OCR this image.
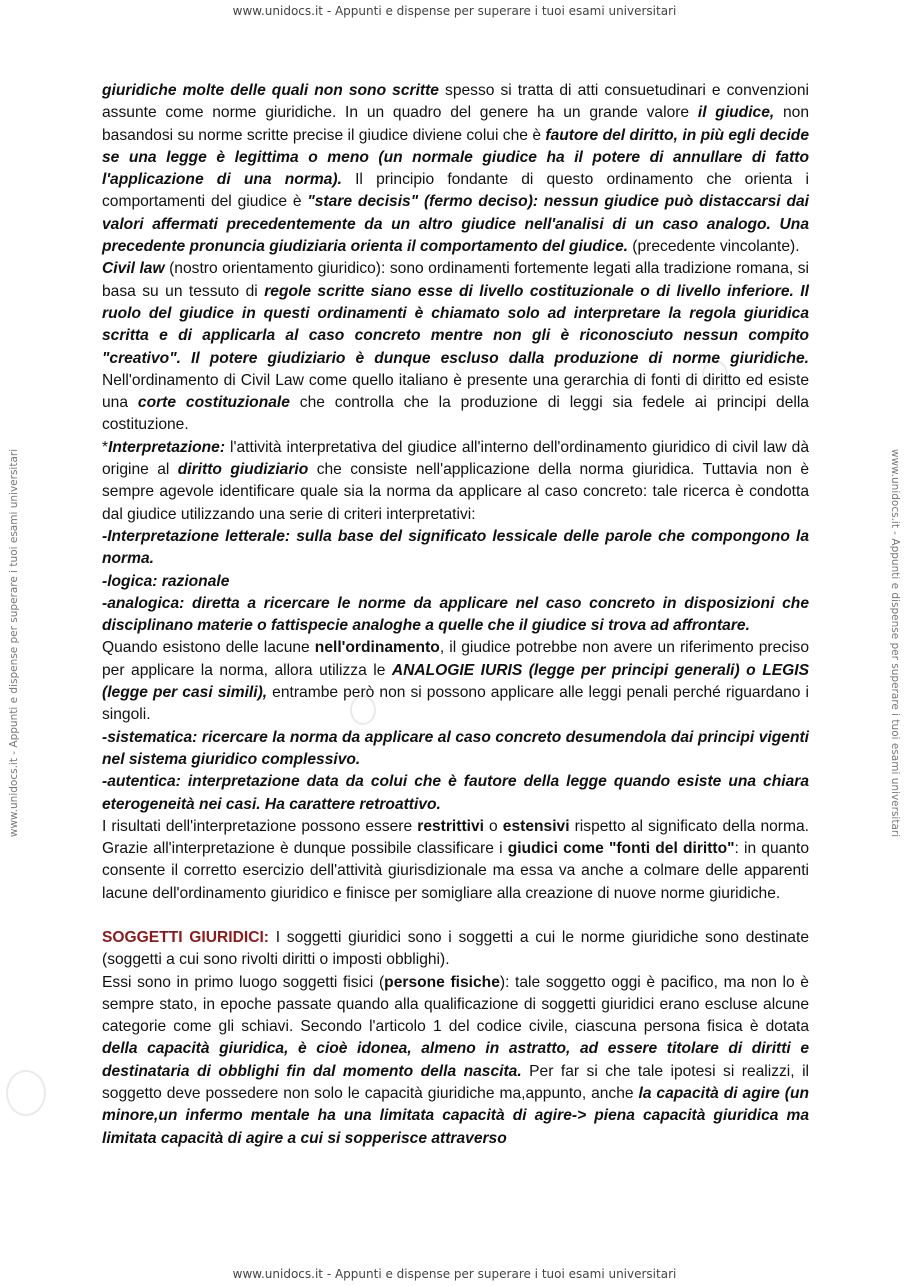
www.unidocs.it - Appunti e dispense per superare i tuoi esami universitari
www.unidocs.it - Appunti e dispense per superare i tuoi esami universitari	www.unidocs.it - Appunti e dispense per superare i tuoi esami universitari

giuridiche molte delle quali non sono scritte spesso si tratta di atti consuetudinari e convenzioni assunte come norme giuridiche. In un quadro del genere ha un grande valore il giudice, non basandosi su norme scritte precise il giudice diviene colui che è fautore del diritto, in più egli decide se una legge è legittima o meno (un normale giudice ha il potere di annullare di fatto l'applicazione di una norma). Il principio fondante di questo ordinamento che orienta i comportamenti del giudice è "stare decisis" (fermo deciso): nessun giudice può distaccarsi dai valori affermati precedentemente da un altro giudice nell'analisi di un caso analogo. Una precedente pronuncia giudiziaria orienta il comportamento del giudice. (precedente vincolante).

Civil law (nostro orientamento giuridico): sono ordinamenti fortemente legati alla tradizione romana, si basa su un tessuto di regole scritte siano esse di livello costituzionale o di livello inferiore. Il ruolo del giudice in questi ordinamenti è chiamato solo ad interpretare la regola giuridica scritta e di applicarla al caso concreto mentre non gli è riconosciuto nessun compito "creativo". Il potere giudiziario è dunque escluso dalla produzione di norme giuridiche. Nell'ordinamento di Civil Law come quello italiano è presente una gerarchia di fonti di diritto ed esiste una corte costituzionale che controlla che la produzione di leggi sia fedele ai principi della costituzione.

*Interpretazione: l'attività interpretativa del giudice all'interno dell'ordinamento giuridico di civil law dà origine al diritto giudiziario che consiste nell'applicazione della norma giuridica. Tuttavia non è sempre agevole identificare quale sia la norma da applicare al caso concreto: tale ricerca è condotta dal giudice utilizzando una serie di criteri interpretativi:

-Interpretazione letterale: sulla base del significato lessicale delle parole che compongono la norma.

-logica: razionale

-analogica: diretta a ricercare le norme da applicare nel caso concreto in disposizioni che disciplinano materie o fattispecie analoghe a quelle che il giudice si trova ad affrontare.

Quando esistono delle lacune nell'ordinamento, il giudice potrebbe non avere un riferimento preciso per applicare la norma, allora utilizza le ANALOGIE IURIS (legge per principi generali) o LEGIS (legge per casi simili), entrambe però non si possono applicare alle leggi penali perché riguardano i singoli.

-sistematica: ricercare la norma da applicare al caso concreto desumendola dai principi vigenti nel sistema giuridico complessivo.

-autentica: interpretazione data da colui che è fautore della legge quando esiste una chiara eterogeneità nei casi. Ha carattere retroattivo.

I risultati dell'interpretazione possono essere restrittivi o estensivi rispetto al significato della norma. Grazie all'interpretazione è dunque possibile classificare i giudici come "fonti del diritto": in quanto consente il corretto esercizio dell'attività giurisdizionale ma essa va anche a colmare delle apparenti lacune dell'ordinamento giuridico e finisce per somigliare alla creazione di nuove norme giuridiche.

SOGGETTI GIURIDICI: I soggetti giuridici sono i soggetti a cui le norme giuridiche sono destinate (soggetti a cui sono rivolti diritti o imposti obblighi).

Essi sono in primo luogo soggetti fisici (persone fisiche): tale soggetto oggi è pacifico, ma non lo è sempre stato, in epoche passate quando alla qualificazione di soggetti giuridici erano escluse alcune categorie come gli schiavi. Secondo l'articolo 1 del codice civile, ciascuna persona fisica è dotata della capacità giuridica, è cioè idonea, almeno in astratto, ad essere titolare di diritti e destinataria di obblighi fin dal momento della nascita. Per far si che tale ipotesi si realizzi, il soggetto deve possedere non solo le capacità giuridiche ma,appunto, anche la capacità di agire (un minore,un infermo mentale ha una limitata capacità di agire-> piena capacità giuridica ma limitata capacità di agire a cui si sopperisce attraverso

www.unidocs.it - Appunti e dispense per superare i tuoi esami universitari
